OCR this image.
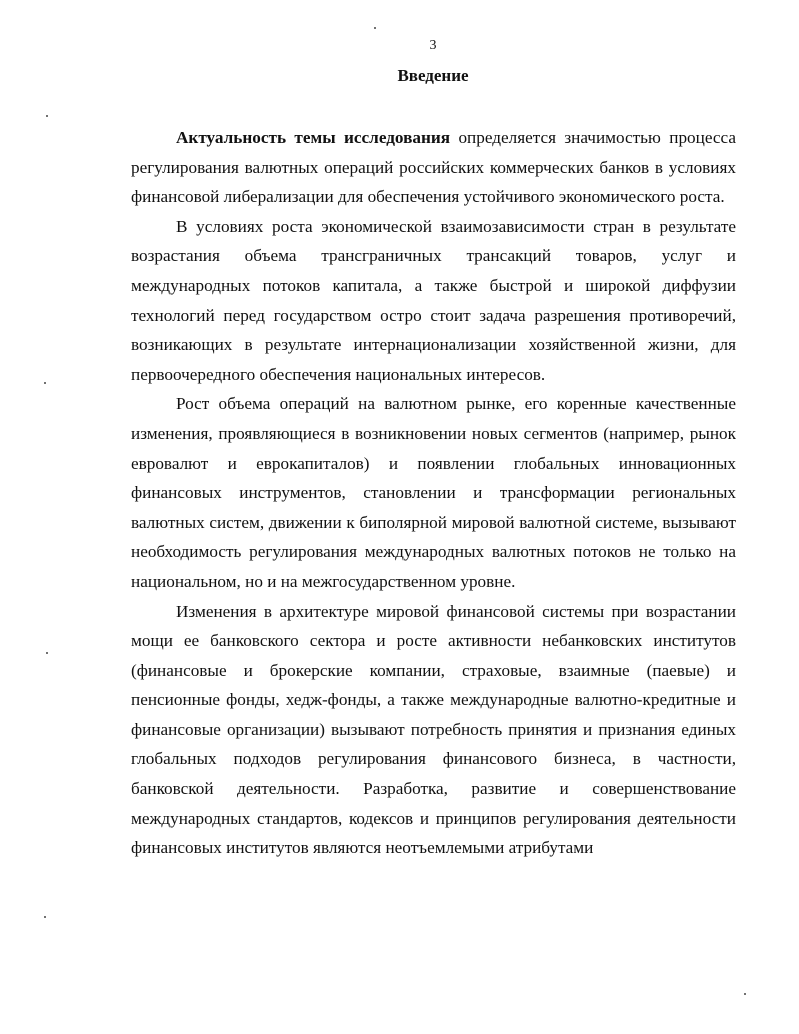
3
Введение

Актуальность темы исследования определяется значимостью процесса регулирования валютных операций российских коммерческих банков в условиях финансовой либерализации для обеспечения устойчивого экономического роста.

В условиях роста экономической взаимозависимости стран в результате возрастания объема трансграничных трансакций товаров, услуг и международных потоков капитала, а также быстрой и широкой диффузии технологий перед государством остро стоит задача разрешения противоречий, возникающих в результате интернационализации хозяйственной жизни, для первоочередного обеспечения национальных интересов.

Рост объема операций на валютном рынке, его коренные качественные изменения, проявляющиеся в возникновении новых сегментов (например, рынок евровалют и еврокапиталов) и появлении глобальных инновационных финансовых инструментов, становлении и трансформации региональных валютных систем, движении к биполярной мировой валютной системе, вызывают необходимость регулирования международных валютных потоков не только на национальном, но и на межгосударственном уровне.

Изменения в архитектуре мировой финансовой системы при возрастании мощи ее банковского сектора и росте активности небанковских институтов (финансовые и брокерские компании, страховые, взаимные (паевые) и пенсионные фонды, хедж-фонды, а также международные валютно-кредитные и финансовые организации) вызывают потребность принятия и признания единых глобальных подходов регулирования финансового бизнеса, в частности, банковской деятельности. Разработка, развитие и совершенствование международных стандартов, кодексов и принципов регулирования деятельности финансовых институтов являются неотъемлемыми атрибутами
